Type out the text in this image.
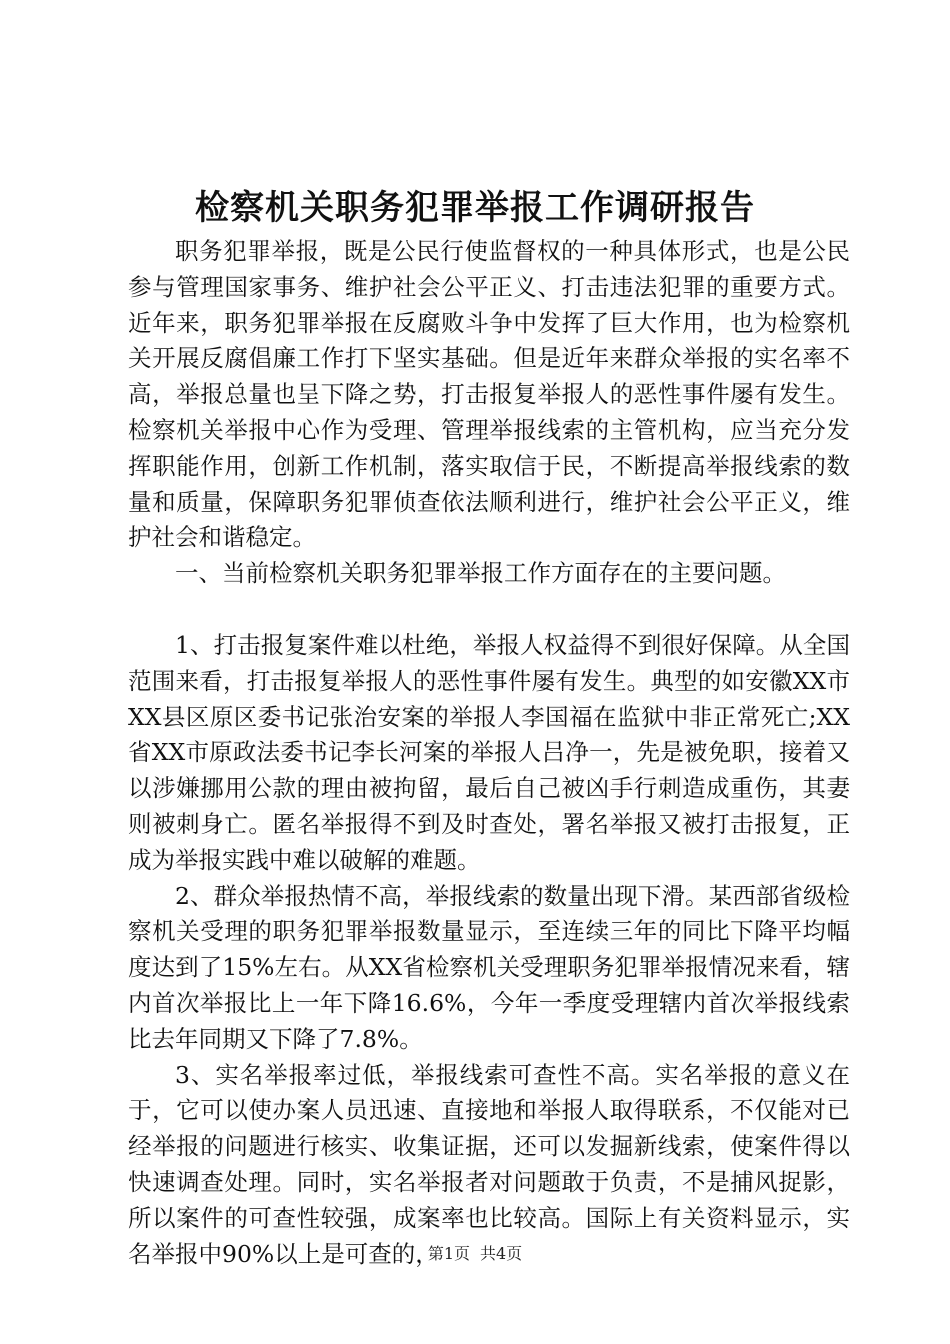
检察机关职务犯罪举报工作调研报告

职务犯罪举报，既是公民行使监督权的一种具体形式，也是公民参与管理国家事务、维护社会公平正义、打击违法犯罪的重要方式。近年来，职务犯罪举报在反腐败斗争中发挥了巨大作用，也为检察机关开展反腐倡廉工作打下坚实基础。但是近年来群众举报的实名率不高，举报总量也呈下降之势，打击报复举报人的恶性事件屡有发生。检察机关举报中心作为受理、管理举报线索的主管机构，应当充分发挥职能作用，创新工作机制，落实取信于民，不断提高举报线索的数量和质量，保障职务犯罪侦查依法顺利进行，维护社会公平正义，维护社会和谐稳定。

一、当前检察机关职务犯罪举报工作方面存在的主要问题。

1、打击报复案件难以杜绝，举报人权益得不到很好保障。从全国范围来看，打击报复举报人的恶性事件屡有发生。典型的如安徽XX市XX县区原区委书记张治安案的举报人李国福在监狱中非正常死亡;XX省XX市原政法委书记李长河案的举报人吕净一，先是被免职，接着又以涉嫌挪用公款的理由被拘留，最后自己被凶手行刺造成重伤，其妻则被刺身亡。匿名举报得不到及时查处，署名举报又被打击报复，正成为举报实践中难以破解的难题。

2、群众举报热情不高，举报线索的数量出现下滑。某西部省级检察机关受理的职务犯罪举报数量显示，至连续三年的同比下降平均幅度达到了15%左右。从XX省检察机关受理职务犯罪举报情况来看，辖内首次举报比上一年下降16.6%，今年一季度受理辖内首次举报线索比去年同期又下降了7.8%。

3、实名举报率过低，举报线索可查性不高。实名举报的意义在于，它可以使办案人员迅速、直接地和举报人取得联系，不仅能对已经举报的问题进行核实、收集证据，还可以发掘新线索，使案件得以快速调查处理。同时，实名举报者对问题敢于负责，不是捕风捉影，所以案件的可查性较强，成案率也比较高。国际上有关资料显示，实名举报中90%以上是可查的，

第1页 共4页
